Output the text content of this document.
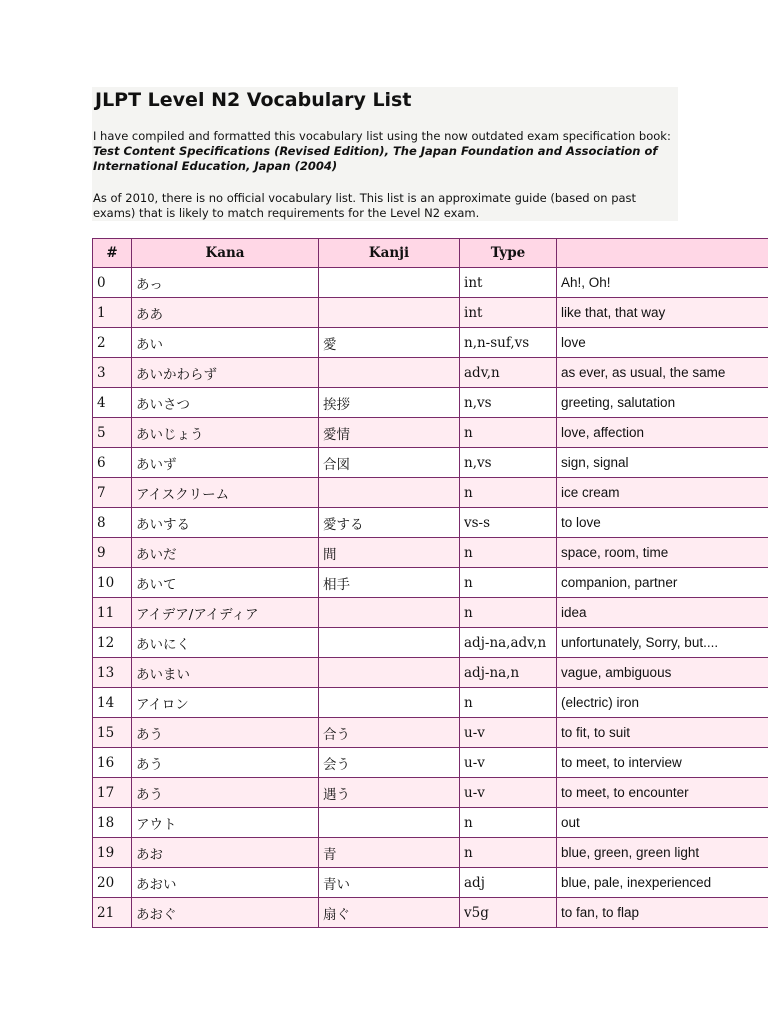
JLPT Level N2 Vocabulary List

I have compiled and formatted this vocabulary list using the now outdated exam specification book: Test Content Specifications (Revised Edition), The Japan Foundation and Association of International Education, Japan (2004)

As of 2010, there is no official vocabulary list. This list is an approximate guide (based on past exams) that is likely to match requirements for the Level N2 exam.

#	Kana	Kanji	Type	
0	あっ		int	Ah!, Oh!
1	ああ		int	like that, that way
2	あい	愛	n,n-suf,vs	love
3	あいかわらず		adv,n	as ever, as usual, the same
4	あいさつ	挨拶	n,vs	greeting, salutation
5	あいじょう	愛情	n	love, affection
6	あいず	合図	n,vs	sign, signal
7	アイスクリーム		n	ice cream
8	あいする	愛する	vs-s	to love
9	あいだ	間	n	space, room, time
10	あいて	相手	n	companion, partner
11	アイデア/アイディア		n	idea
12	あいにく		adj-na,adv,n	unfortunately, Sorry, but....
13	あいまい		adj-na,n	vague, ambiguous
14	アイロン		n	(electric) iron
15	あう	合う	u-v	to fit, to suit
16	あう	会う	u-v	to meet, to interview
17	あう	遇う	u-v	to meet, to encounter
18	アウト		n	out
19	あお	青	n	blue, green, green light
20	あおい	青い	adj	blue, pale, inexperienced
21	あおぐ	扇ぐ	v5g	to fan, to flap
